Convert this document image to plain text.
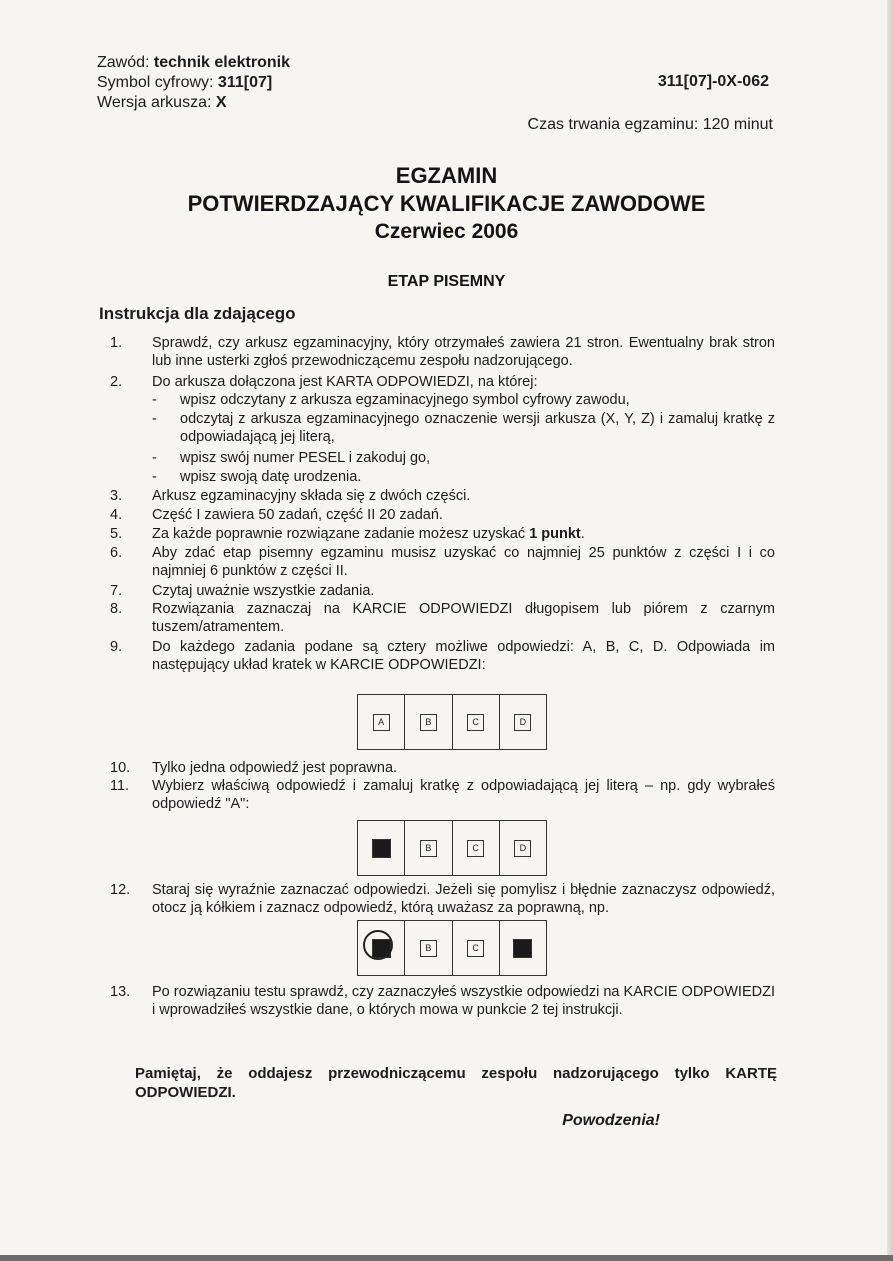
Zawód: technik elektronik
Symbol cyfrowy: 311[07]
Wersja arkusza: X
311[07]-0X-062
Czas trwania egzaminu: 120 minut
EGZAMIN
POTWIERDZAJĄCY KWALIFIKACJE ZAWODOWE
Czerwiec 2006
ETAP PISEMNY
Instrukcja dla zdającego
1.	Sprawdź, czy arkusz egzaminacyjny, który otrzymałeś zawiera 21 stron. Ewentualny brak stron lub inne usterki zgłoś przewodniczącemu zespołu nadzorującego.
2.	Do arkusza dołączona jest KARTA ODPOWIEDZI, na której:
- wpisz odczytany z arkusza egzaminacyjnego symbol cyfrowy zawodu,
- odczytaj z arkusza egzaminacyjnego oznaczenie wersji arkusza (X, Y, Z) i zamaluj kratkę z odpowiadającą jej literą,
- wpisz swój numer PESEL i zakoduj go,
- wpisz swoją datę urodzenia.
3.	Arkusz egzaminacyjny składa się z dwóch części.
4.	Część I zawiera 50 zadań, część II 20 zadań.
5.	Za każde poprawnie rozwiązane zadanie możesz uzyskać 1 punkt.
6.	Aby zdać etap pisemny egzaminu musisz uzyskać co najmniej 25 punktów z części I i co najmniej 6 punktów z części II.
7.	Czytaj uważnie wszystkie zadania.
8.	Rozwiązania zaznaczaj na KARCIE ODPOWIEDZI długopisem lub piórem z czarnym tuszem/atramentem.
9.	Do każdego zadania podane są cztery możliwe odpowiedzi: A, B, C, D. Odpowiada im następujący układ kratek w KARCIE ODPOWIEDZI:
A	B	C	D
10.	Tylko jedna odpowiedź jest poprawna.
11.	Wybierz właściwą odpowiedź i zamaluj kratkę z odpowiadającą jej literą – np. gdy wybrałeś odpowiedź "A":
A	B	C	D
12.	Staraj się wyraźnie zaznaczać odpowiedzi. Jeżeli się pomylisz i błędnie zaznaczysz odpowiedź, otocz ją kółkiem i zaznacz odpowiedź, którą uważasz za poprawną, np.
A	B	C	D
13.	Po rozwiązaniu testu sprawdź, czy zaznaczyłeś wszystkie odpowiedzi na KARCIE ODPOWIEDZI i wprowadziłeś wszystkie dane, o których mowa w punkcie 2 tej instrukcji.
Pamiętaj, że oddajesz przewodniczącemu zespołu nadzorującego tylko KARTĘ ODPOWIEDZI.
Powodzenia!
